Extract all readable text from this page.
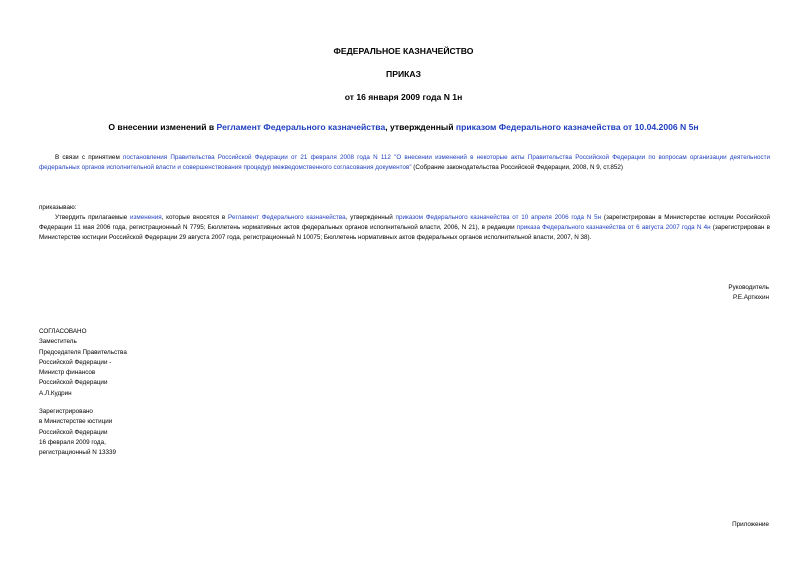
ФЕДЕРАЛЬНОЕ КАЗНАЧЕЙСТВО
ПРИКАЗ
от 16 января 2009 года N 1н
О внесении изменений в Регламент Федерального казначейства, утвержденный приказом Федерального казначейства от 10.04.2006 N 5н
В связи с принятием постановления Правительства Российской Федерации от 21 февраля 2008 года N 112 "О внесении изменений в некоторые акты Правительства Российской Федерации по вопросам организации деятельности федеральных органов исполнительной власти и совершенствования процедур межведомственного согласования документов" (Собрание законодательства Российской Федерации, 2008, N 9, ст.852)
приказываю:
Утвердить прилагаемые изменения, которые вносятся в Регламент Федерального казначейства, утвержденный приказом Федерального казначейства от 10 апреля 2006 года N 5н (зарегистрирован в Министерстве юстиции Российской Федерации 11 мая 2006 года, регистрационный N 7795; Бюллетень нормативных актов федеральных органов исполнительной власти, 2006, N 21), в редакции приказа Федерального казначейства от 6 августа 2007 года N 4н (зарегистрирован в Министерстве юстиции Российской Федерации 29 августа 2007 года, регистрационный N 10075; Бюллетень нормативных актов федеральных органов исполнительной власти, 2007, N 38).
Руководитель
Р.Е.Артюхин
СОГЛАСОВАНО
Заместитель
Председателя Правительства
Российской Федерации -
Министр финансов
Российской Федерации
А.Л.Кудрин
Зарегистрировано
в Министерстве юстиции
Российской Федерации
16 февраля 2009 года,
регистрационный N 13339
Приложение
